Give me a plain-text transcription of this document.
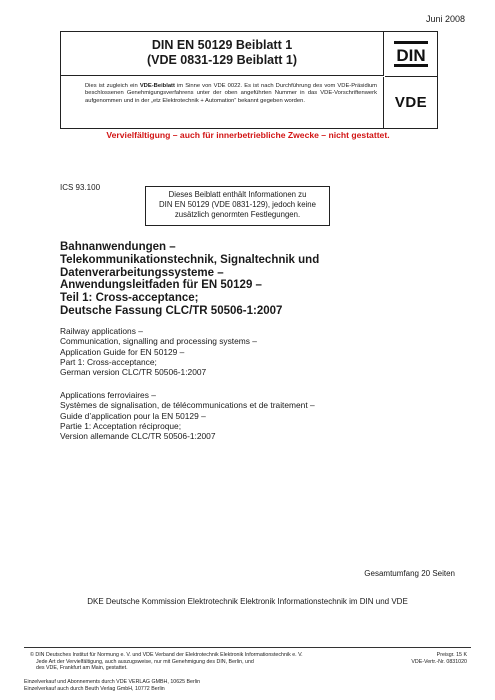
Juni 2008
DIN EN 50129 Beiblatt 1
(VDE 0831-129 Beiblatt 1)	DIN
Dies ist zugleich ein VDE-Beiblatt im Sinne von VDE 0022. Es ist nach Durchführung des vom VDE-Präsidium beschlossenen Genehmigungsverfahrens unter der oben angeführten Nummer in das VDE-Vorschriftenwerk aufgenommen und in der „etz Elektrotechnik + Automation“ bekannt gegeben worden.	VDE
Vervielfältigung – auch für innerbetriebliche Zwecke – nicht gestattet.
ICS 93.100
Dieses Beiblatt enthält Informationen zu
DIN EN 50129 (VDE 0831-129), jedoch keine
zusätzlich genormten Festlegungen.
Bahnanwendungen –
Telekommunikationstechnik, Signaltechnik und
Datenverarbeitungssysteme –
Anwendungsleitfaden für EN 50129 –
Teil 1: Cross-acceptance;
Deutsche Fassung CLC/TR 50506-1:2007
Railway applications –
Communication, signalling and processing systems –
Application Guide for EN 50129 –
Part 1: Cross-acceptance;
German version CLC/TR 50506-1:2007
Applications ferroviaires –
Systèmes de signalisation, de télécommunications et de traitement –
Guide d’application pour la EN 50129 –
Partie 1: Acceptation réciproque;
Version allemande CLC/TR 50506-1:2007
Gesamtumfang 20 Seiten
DKE Deutsche Kommission Elektrotechnik Elektronik Informationstechnik im DIN und VDE
© DIN Deutsches Institut für Normung e. V. und VDE Verband der Elektrotechnik Elektronik Informationstechnik e. V.
Jede Art der Vervielfältigung, auch auszugsweise, nur mit Genehmigung des DIN, Berlin, und
des VDE, Frankfurt am Main, gestattet.
Preisgr. 15 K
VDE-Vertr.-Nr. 0831020
Einzelverkauf und Abonnements durch VDE VERLAG GMBH, 10625 Berlin
Einzelverkauf auch durch Beuth Verlag GmbH, 10772 Berlin
